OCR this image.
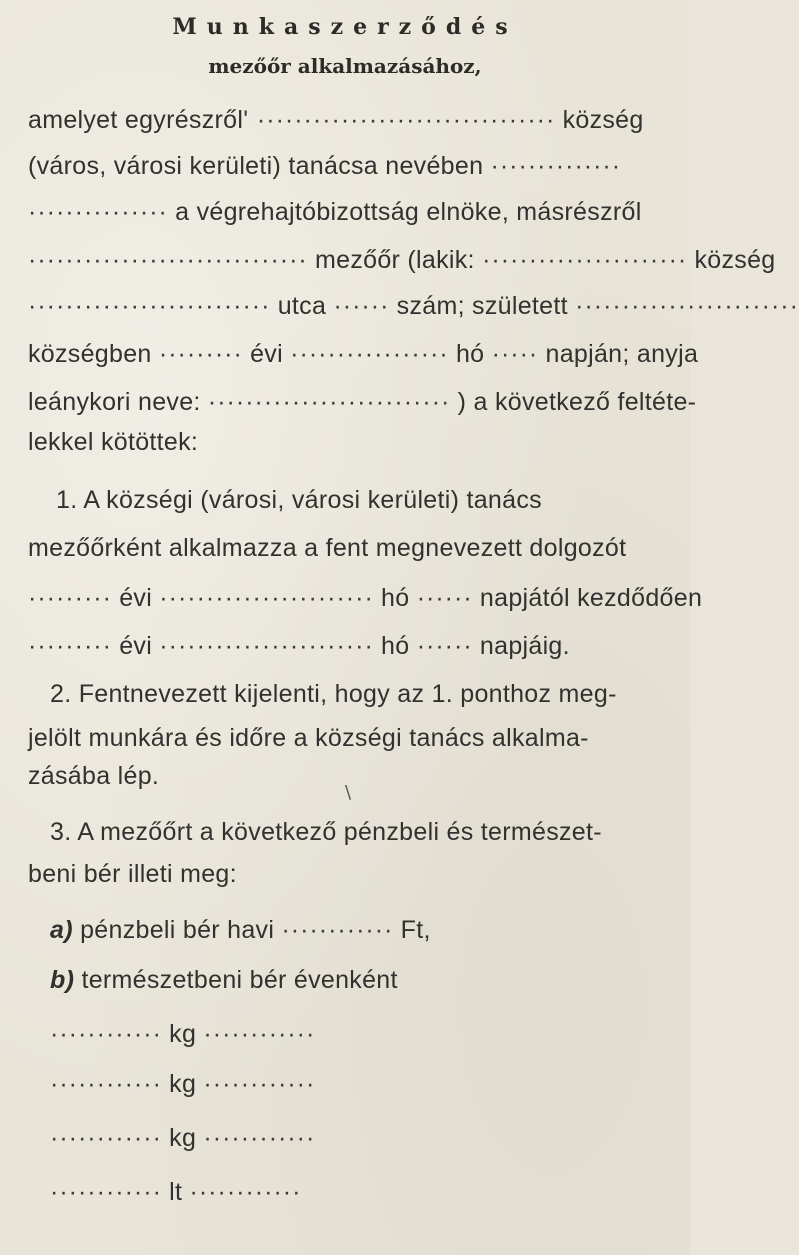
Munkaszerződés
mezőőr alkalmazásához,
amelyet egyrészről' ································ község
(város, városi kerületi) tanácsa nevében ··············
··············· a végrehajtóbizottság elnöke, másrészről
······························ mezőőr (lakik: ······················ község
·························· utca ······ szám; született ························
községben ········· évi ················· hó ····· napján; anyja
leánykori neve: ·························· ) a következő feltéte-
lekkel kötöttek:
1. A községi (városi, városi kerületi) tanács
mezőőrként alkalmazza a fent megnevezett dolgozót
········· évi ······················· hó ······ napjától kezdődően
········· évi ······················· hó ······ napjáig.
2. Fentnevezett kijelenti, hogy az 1. ponthoz meg-
jelölt munkára és időre a községi tanács alkalma-
zásába lép.
\
3. A mezőőrt a következő pénzbeli és természet-
beni bér illeti meg:
a) pénzbeli bér havi ············ Ft,
b) természetbeni bér évenként
············ kg ············
············ kg ············
············ kg ············
············ lt ············
